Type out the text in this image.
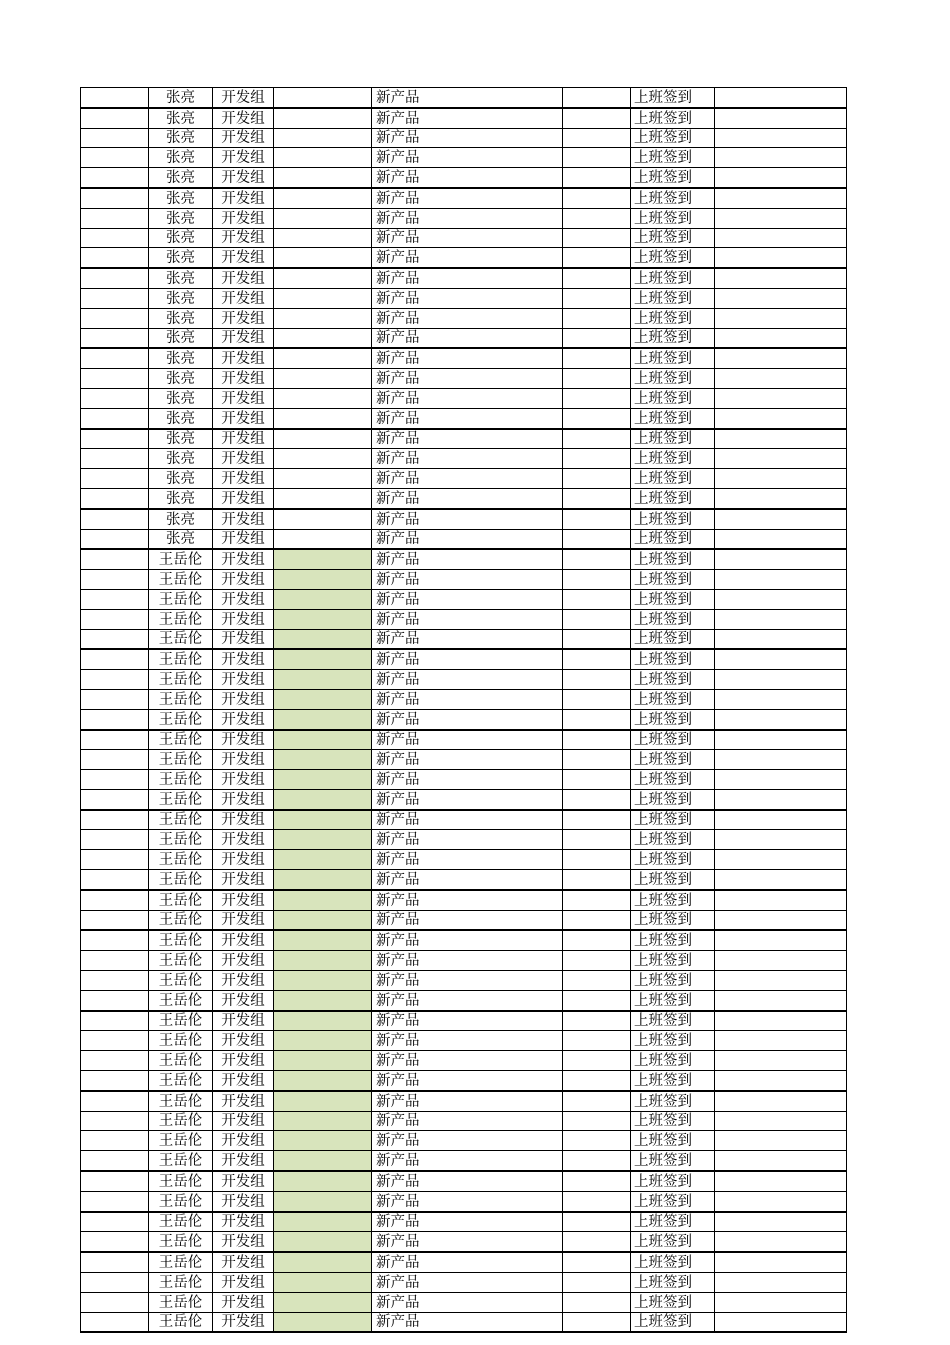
	张亮	开发组		新产品		上班签到		
	张亮	开发组		新产品		上班签到		
	张亮	开发组		新产品		上班签到		
	张亮	开发组		新产品		上班签到		
	张亮	开发组		新产品		上班签到		
	张亮	开发组		新产品		上班签到		
	张亮	开发组		新产品		上班签到		
	张亮	开发组		新产品		上班签到		
	张亮	开发组		新产品		上班签到		
	张亮	开发组		新产品		上班签到		
	张亮	开发组		新产品		上班签到		
	张亮	开发组		新产品		上班签到		
	张亮	开发组		新产品		上班签到		
	张亮	开发组		新产品		上班签到		
	张亮	开发组		新产品		上班签到		
	张亮	开发组		新产品		上班签到		
	张亮	开发组		新产品		上班签到		
	张亮	开发组		新产品		上班签到		
	张亮	开发组		新产品		上班签到		
	张亮	开发组		新产品		上班签到		
	张亮	开发组		新产品		上班签到		
	张亮	开发组		新产品		上班签到		
	张亮	开发组		新产品		上班签到		
	王岳伦	开发组		新产品		上班签到		
	王岳伦	开发组		新产品		上班签到		
	王岳伦	开发组		新产品		上班签到		
	王岳伦	开发组		新产品		上班签到		
	王岳伦	开发组		新产品		上班签到		
	王岳伦	开发组		新产品		上班签到		
	王岳伦	开发组		新产品		上班签到		
	王岳伦	开发组		新产品		上班签到		
	王岳伦	开发组		新产品		上班签到		
	王岳伦	开发组		新产品		上班签到		
	王岳伦	开发组		新产品		上班签到		
	王岳伦	开发组		新产品		上班签到		
	王岳伦	开发组		新产品		上班签到		
	王岳伦	开发组		新产品		上班签到		
	王岳伦	开发组		新产品		上班签到		
	王岳伦	开发组		新产品		上班签到		
	王岳伦	开发组		新产品		上班签到		
	王岳伦	开发组		新产品		上班签到		
	王岳伦	开发组		新产品		上班签到		
	王岳伦	开发组		新产品		上班签到		
	王岳伦	开发组		新产品		上班签到		
	王岳伦	开发组		新产品		上班签到		
	王岳伦	开发组		新产品		上班签到		
	王岳伦	开发组		新产品		上班签到		
	王岳伦	开发组		新产品		上班签到		
	王岳伦	开发组		新产品		上班签到		
	王岳伦	开发组		新产品		上班签到		
	王岳伦	开发组		新产品		上班签到		
	王岳伦	开发组		新产品		上班签到		
	王岳伦	开发组		新产品		上班签到		
	王岳伦	开发组		新产品		上班签到		
	王岳伦	开发组		新产品		上班签到		
	王岳伦	开发组		新产品		上班签到		
	王岳伦	开发组		新产品		上班签到		
	王岳伦	开发组		新产品		上班签到		
	王岳伦	开发组		新产品		上班签到		
	王岳伦	开发组		新产品		上班签到		
	王岳伦	开发组		新产品		上班签到		
	王岳伦	开发组		新产品		上班签到		
